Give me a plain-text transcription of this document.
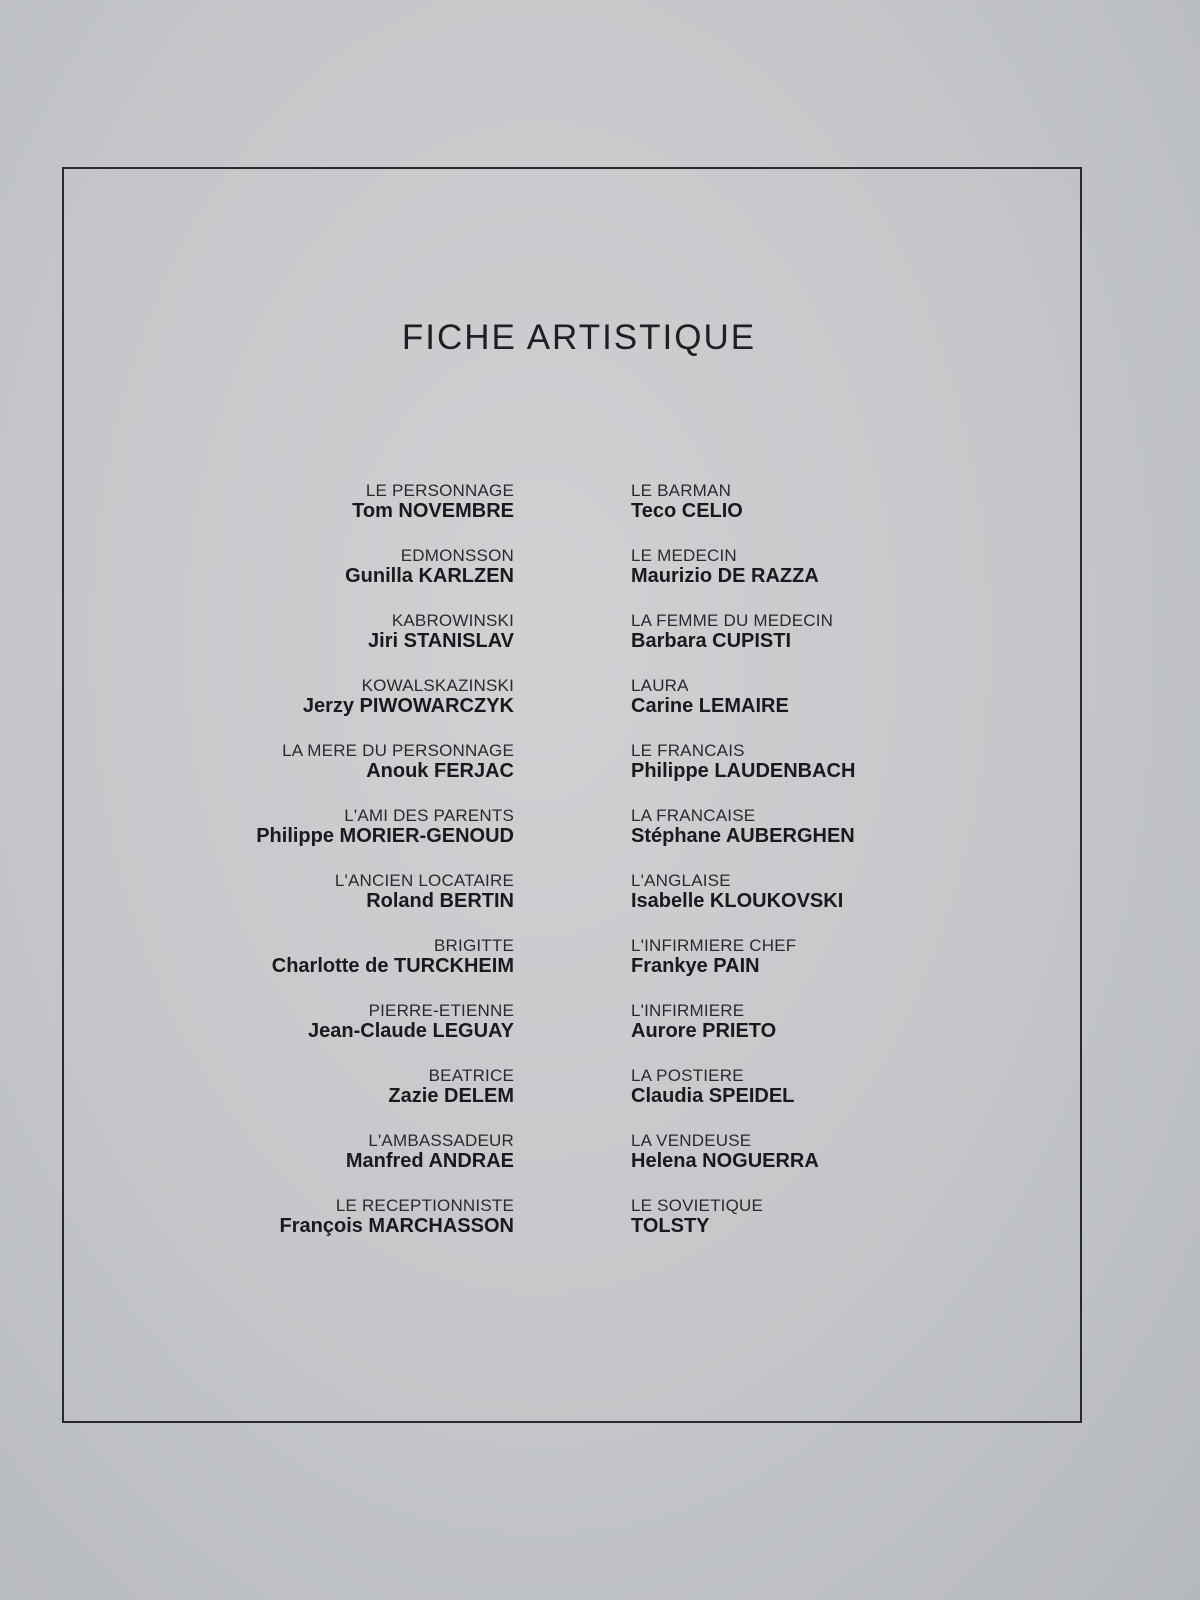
FICHE ARTISTIQUE
LE PERSONNAGE
Tom NOVEMBRE
EDMONSSON
Gunilla KARLZEN
KABROWINSKI
Jiri STANISLAV
KOWALSKAZINSKI
Jerzy PIWOWARCZYK
LA MERE DU PERSONNAGE
Anouk FERJAC
L'AMI DES PARENTS
Philippe MORIER-GENOUD
L'ANCIEN LOCATAIRE
Roland BERTIN
BRIGITTE
Charlotte de TURCKHEIM
PIERRE-ETIENNE
Jean-Claude LEGUAY
BEATRICE
Zazie DELEM
L'AMBASSADEUR
Manfred ANDRAE
LE RECEPTIONNISTE
François MARCHASSON
LE BARMAN
Teco CELIO
LE MEDECIN
Maurizio DE RAZZA
LA FEMME DU MEDECIN
Barbara CUPISTI
LAURA
Carine LEMAIRE
LE FRANCAIS
Philippe LAUDENBACH
LA FRANCAISE
Stéphane AUBERGHEN
L'ANGLAISE
Isabelle KLOUKOVSKI
L'INFIRMIERE CHEF
Frankye PAIN
L'INFIRMIERE
Aurore PRIETO
LA POSTIERE
Claudia SPEIDEL
LA VENDEUSE
Helena NOGUERRA
LE SOVIETIQUE
TOLSTY
